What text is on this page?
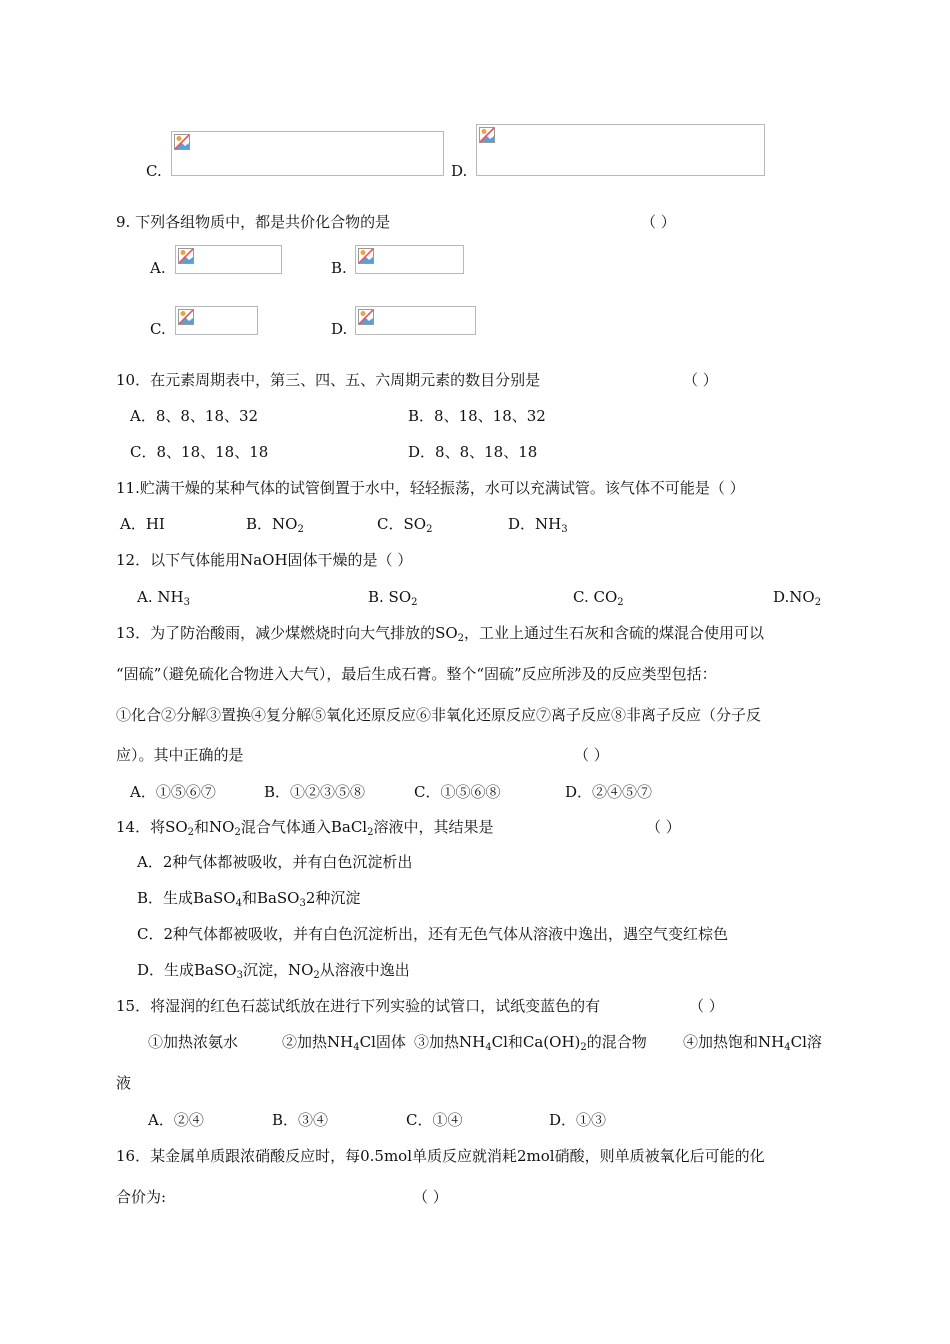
C.	D.
9. 下列各组物质中，都是共价化合物的是	（ ）
A.	B.
C.	D.
10．在元素周期表中，第三、四、五、六周期元素的数目分别是	（ ）
A．8、8、18、32	B．8、18、18、32
C．8、18、18、18	D．8、8、18、18
11.贮满干燥的某种气体的试管倒置于水中，轻轻振荡，水可以充满试管。该气体不可能是（ ）
A．HI	B．$NO_2$	C．$SO_2$	D．$NH_3$
12．以下气体能用NaOH固体干燥的是（ ）
A. $NH_3$	B. $SO_2$	C. $CO_2$	$D.NO_2$
13．为了防治酸雨，减少煤燃烧时向大气排放的$SO_2$，工业上通过生石灰和含硫的煤混合使用可以
“固硫”（避免硫化合物进入大气），最后生成石膏。整个“固硫”反应所涉及的反应类型包括：
①化合②分解③置换④复分解⑤氧化还原反应⑥非氧化还原反应⑦离子反应⑧非离子反应（分子反
应）。其中正确的是	（ ）
A．①⑤⑥⑦	B．①②③⑤⑧	C．①⑤⑥⑧	D．②④⑤⑦
14．将$SO_2$和$NO_2$混合气体通入BaCl$_2$溶液中，其结果是	（ ）
A．2种气体都被吸收，并有白色沉淀析出
B．生成BaSO$_4$和BaSO$_3$2种沉淀
C．2种气体都被吸收，并有白色沉淀析出，还有无色气体从溶液中逸出，遇空气变红棕色
D．生成BaSO$_3$沉淀，$NO_2$从溶液中逸出
15．将湿润的红色石蕊试纸放在进行下列实验的试管口，试纸变蓝色的有	（ ）
①加热浓氨水	②加热$NH_4Cl$固体 ③加热$NH_4Cl$和$Ca(OH)_2$的混合物 ④加热饱和$NH_4Cl$溶
液
A．②④	B．③④	C．①④	D．①③
16．某金属单质跟浓硝酸反应时，每0.5mol单质反应就消耗2mol硝酸，则单质被氧化后可能的化
合价为:	（ ）
